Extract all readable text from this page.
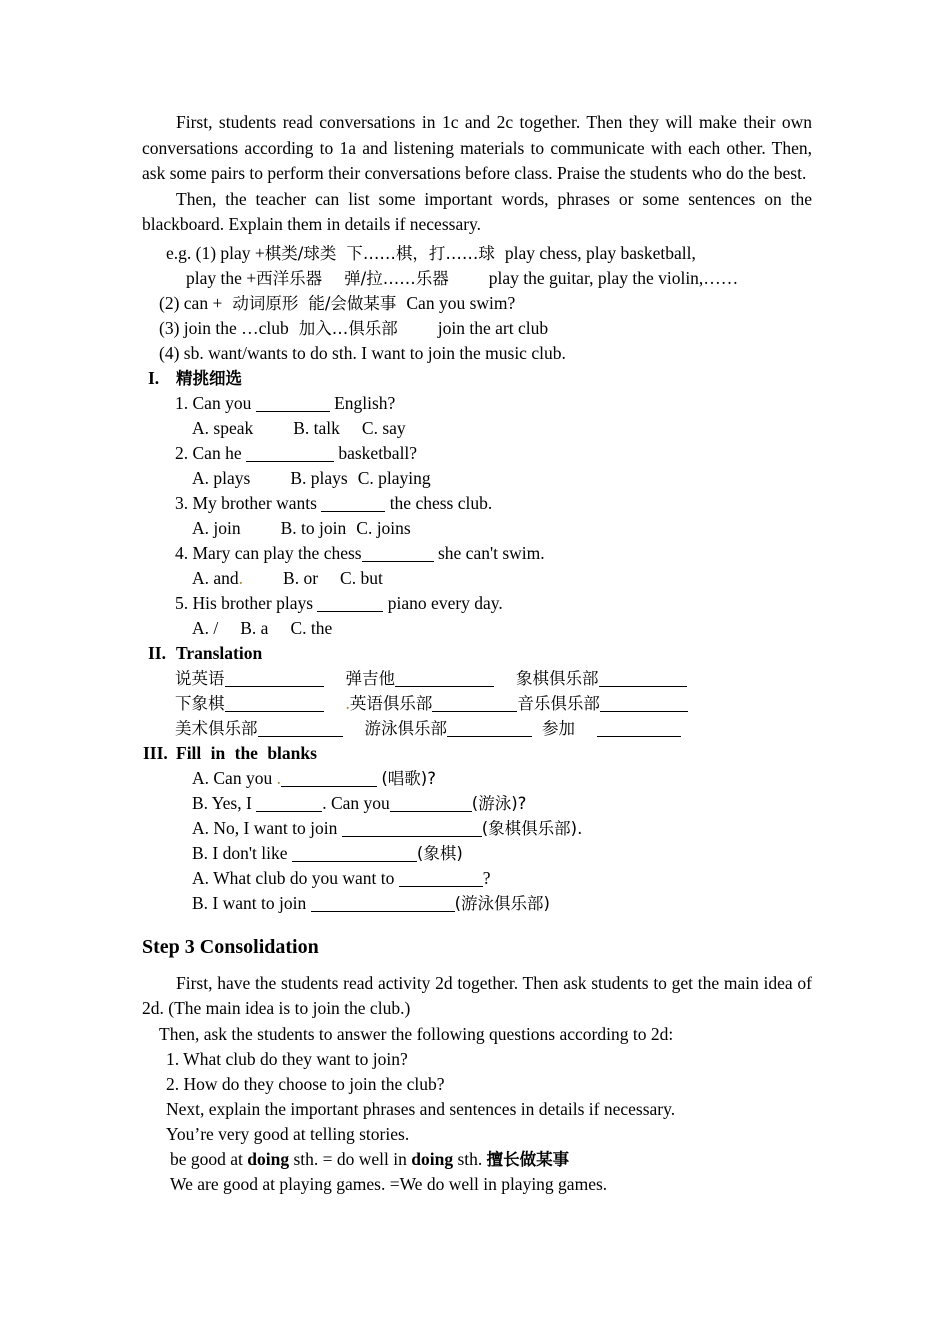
First, students read conversations in 1c and 2c together. Then they will make their own conversations according to 1a and listening materials to communicate with each other. Then, ask some pairs to perform their conversations before class. Praise the students who do the best.

Then, the teacher can list some important words, phrases or some sentences on the blackboard. Explain them in details if necessary.

e.g. (1) play +棋类/球类 下……棋，打……球 play chess, play basketball,
play the +西洋乐器 弹/拉……乐器 play the guitar, play the violin,……
(2) can + 动词原形 能/会做某事 Can you swim?
(3) join the …club 加入…俱乐部 join the art club
(4) sb. want/wants to do sth. I want to join the music club.
I. 精挑细选
1. Can you	English?
A. speak B. talk C. say
2. Can he	basketball?
A. plays B. plays C. playing
3. My brother wants	the chess club.
A. join B. to join C. joins
4. Mary can play the chess	she can't swim.
A. and. B. or C. but
5. His brother plays	piano every day.
A. / B. a C. the
II. Translation
说英语	弹吉他	象棋俱乐部
下象棋	.英语俱乐部	音乐俱乐部
美术俱乐部	游泳俱乐部	参加
III. Fill in the blanks
A. Can you .	(唱歌)?
B. Yes, I	. Can you	(游泳)?
A. No, I want to join	(象棋俱乐部).
B. I don't like	(象棋)
A. What club do you want to	?
B. I want to join	(游泳俱乐部)
Step 3 Consolidation

First, have the students read activity 2d together. Then ask students to get the main idea of 2d. (The main idea is to join the club.)

Then, ask the students to answer the following questions according to 2d:
1. What club do they want to join?
2. How do they choose to join the club?
Next, explain the important phrases and sentences in details if necessary.
You’re very good at telling stories.
be good at doing sth. = do well in doing sth. 擅长做某事
We are good at playing games. =We do well in playing games.
